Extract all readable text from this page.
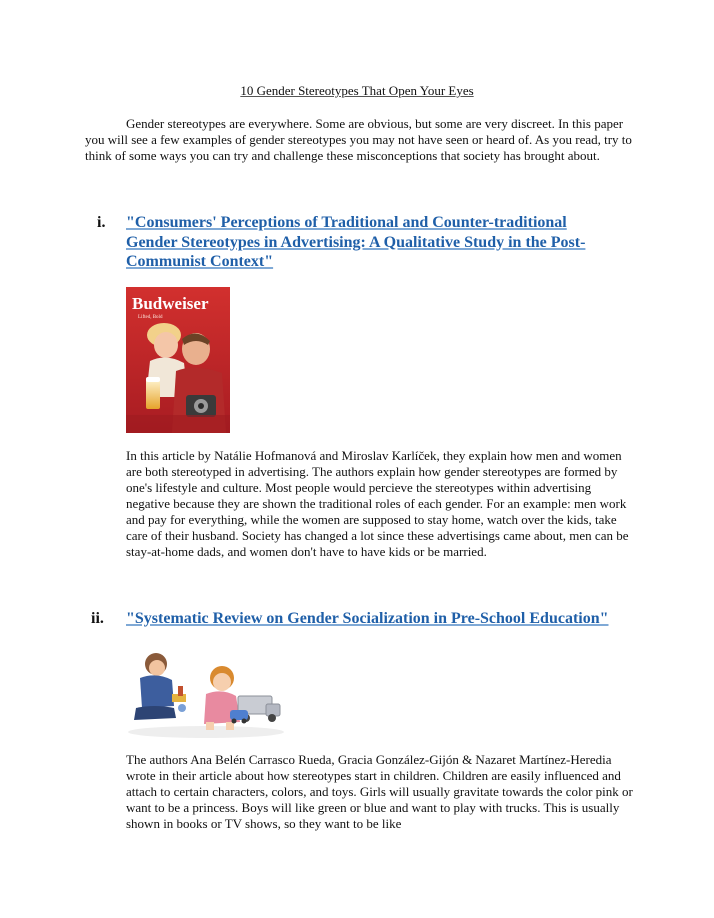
10 Gender Stereotypes That Open Your Eyes

Gender stereotypes are everywhere. Some are obvious, but some are very discreet. In this paper you will see a few examples of gender stereotypes you may not have seen or heard of. As you read, try to think of some ways you can try and challenge these misconceptions that society has brought about.

i. "Consumers' Perceptions of Traditional and Counter-traditional Gender Stereotypes in Advertising: A Qualitative Study in the Post-Communist Context"

Budweiser
Lifted, Bold

In this article by Natálie Hofmanová and Miroslav Karlíček, they explain how men and women are both stereotyped in advertising. The authors explain how gender stereotypes are formed by one's lifestyle and culture. Most people would percieve the stereotypes within advertising negative because they are shown the traditional roles of each gender. For an example: men work and pay for everything, while the women are supposed to stay home, watch over the kids, take care of their husband. Society has changed a lot since these advertisings came about, men can be stay-at-home dads, and women don't have to have kids or be married.

ii. "Systematic Review on Gender Socialization in Pre-School Education"

The authors Ana Belén Carrasco Rueda, Gracia González-Gijón & Nazaret Martínez-Heredia wrote in their article about how stereotypes start in children. Children are easily influenced and attach to certain characters, colors, and toys. Girls will usually gravitate towards the color pink or want to be a princess. Boys will like green or blue and want to play with trucks. This is usually shown in books or TV shows, so they want to be like
